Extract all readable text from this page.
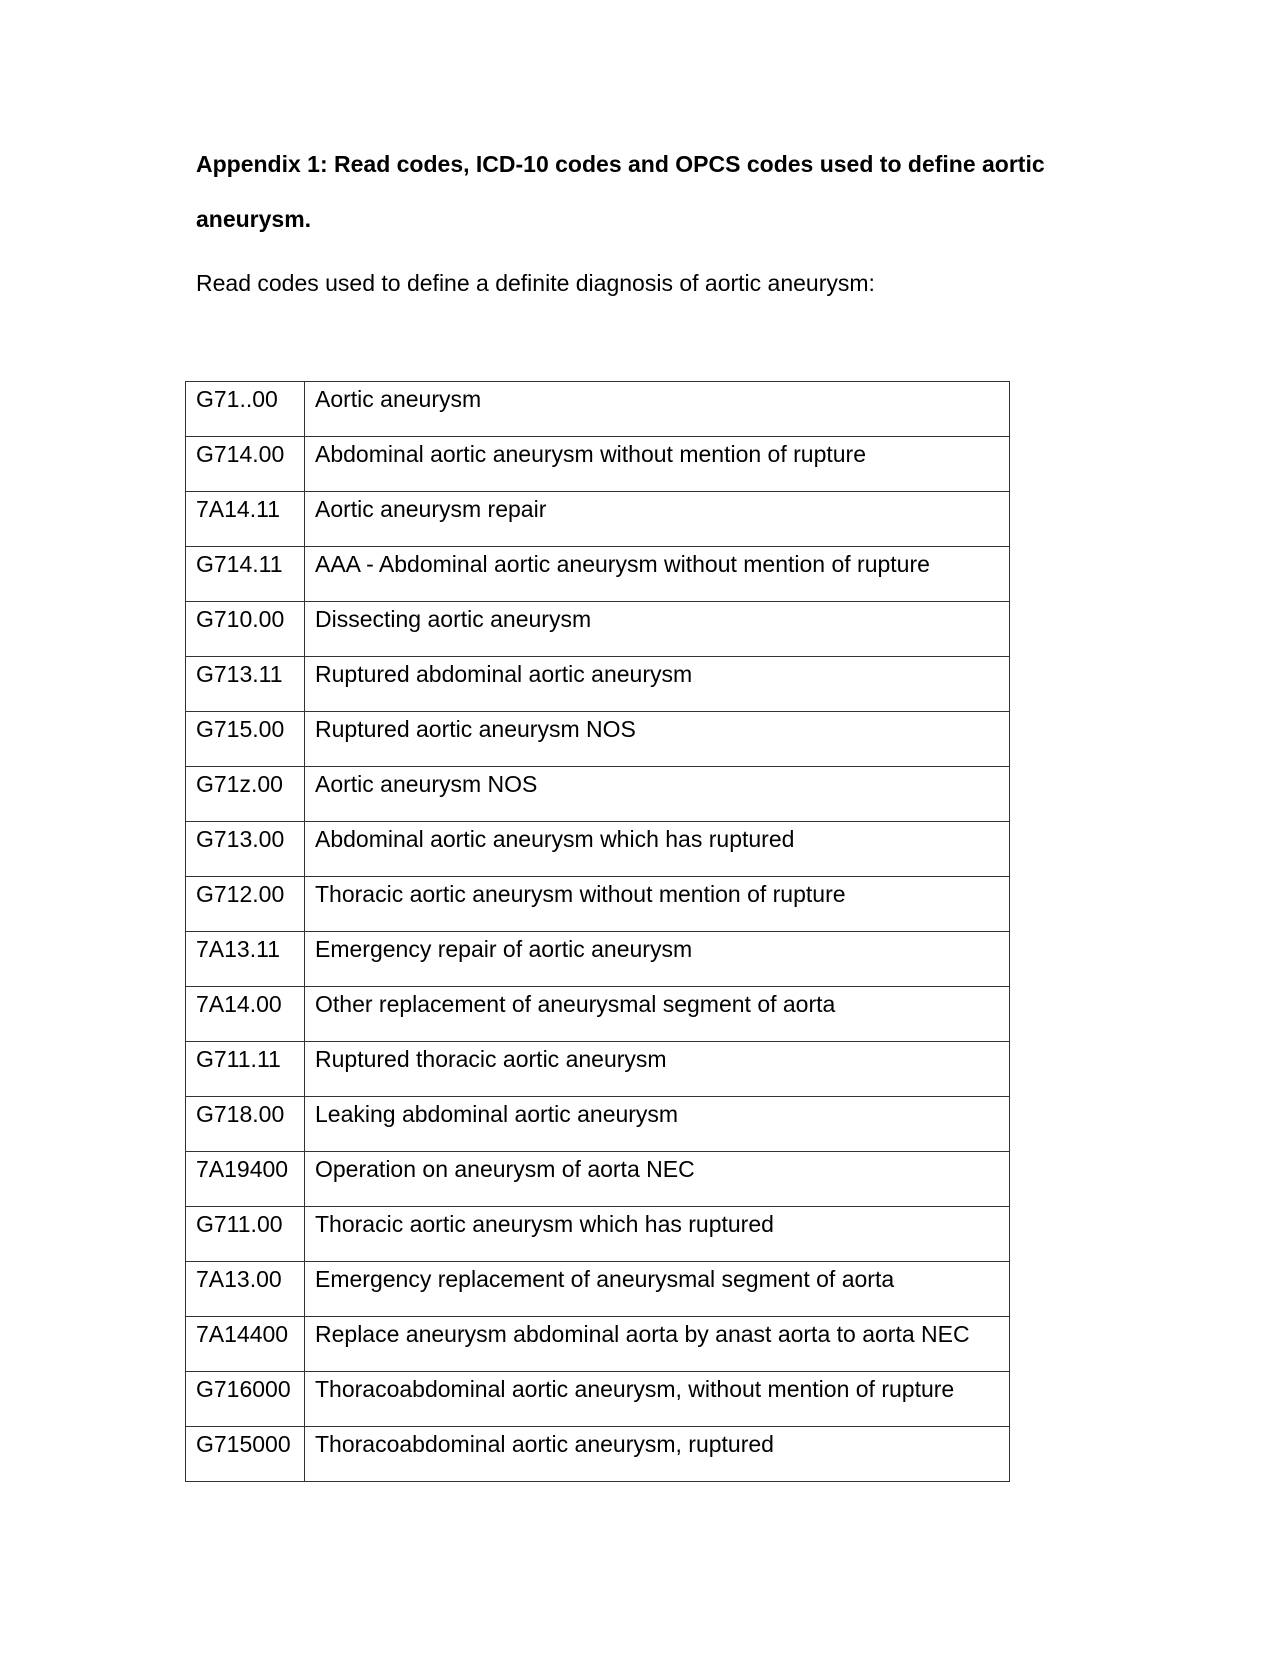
Appendix 1: Read codes, ICD-10 codes and OPCS codes used to define aortic
aneurysm.

Read codes used to define a definite diagnosis of aortic aneurysm:

G71..00	Aortic aneurysm
G714.00	Abdominal aortic aneurysm without mention of rupture
7A14.11	Aortic aneurysm repair
G714.11	AAA - Abdominal aortic aneurysm without mention of rupture
G710.00	Dissecting aortic aneurysm
G713.11	Ruptured abdominal aortic aneurysm
G715.00	Ruptured aortic aneurysm NOS
G71z.00	Aortic aneurysm NOS
G713.00	Abdominal aortic aneurysm which has ruptured
G712.00	Thoracic aortic aneurysm without mention of rupture
7A13.11	Emergency repair of aortic aneurysm
7A14.00	Other replacement of aneurysmal segment of aorta
G711.11	Ruptured thoracic aortic aneurysm
G718.00	Leaking abdominal aortic aneurysm
7A19400	Operation on aneurysm of aorta NEC
G711.00	Thoracic aortic aneurysm which has ruptured
7A13.00	Emergency replacement of aneurysmal segment of aorta
7A14400	Replace aneurysm abdominal aorta by anast aorta to aorta NEC
G716000	Thoracoabdominal aortic aneurysm, without mention of rupture
G715000	Thoracoabdominal aortic aneurysm, ruptured
